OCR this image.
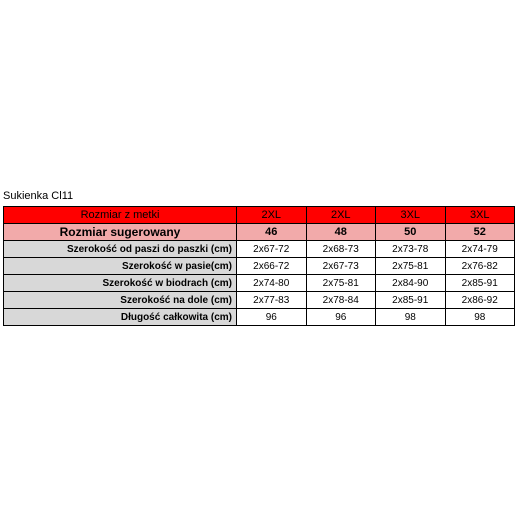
Sukienka Cl11
Rozmiar z metki	2XL	2XL	3XL	3XL
Rozmiar sugerowany	46	48	50	52
Szerokość od paszi do paszki (cm)	2x67-72	2x68-73	2x73-78	2x74-79
Szerokość w pasie(cm)	2x66-72	2x67-73	2x75-81	2x76-82
Szerokość w biodrach (cm)	2x74-80	2x75-81	2x84-90	2x85-91
Szerokość na dole (cm)	2x77-83	2x78-84	2x85-91	2x86-92
Długość całkowita (cm)	96	96	98	98
